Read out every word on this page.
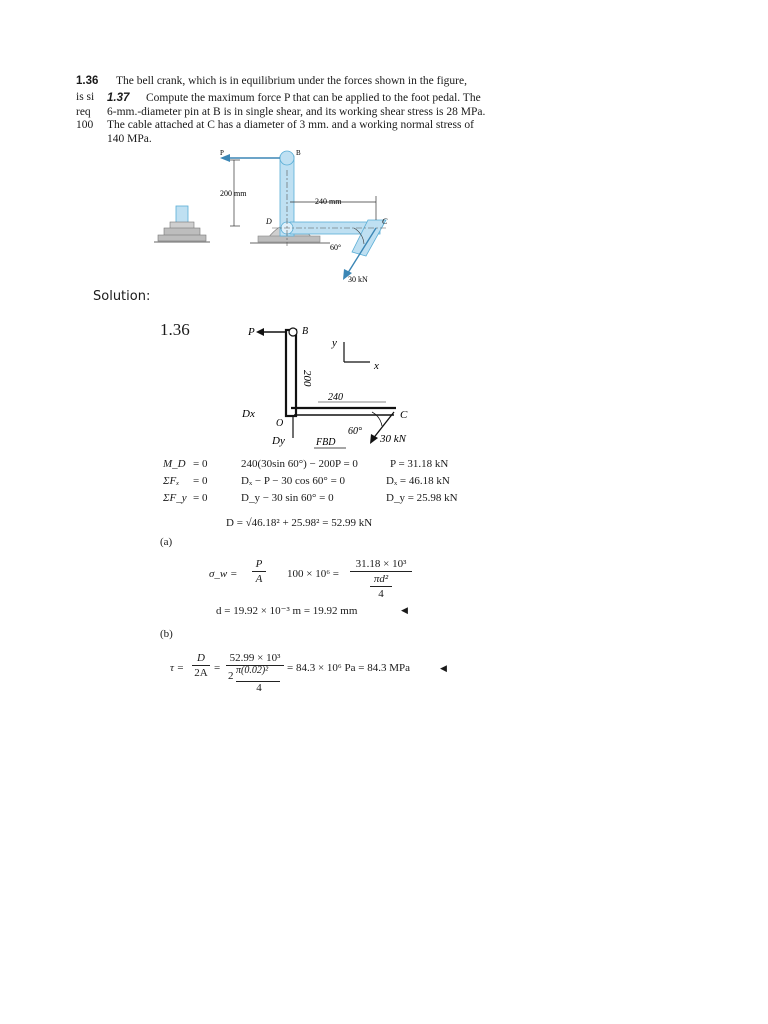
1.36 The bell crank, which is in equilibrium under the forces shown in the figure,
is si
req
100
1.37 Compute the maximum force P that can be applied to the foot pedal. The
6-mm.-diameter pin at B is in single shear, and its working shear stress is 28 MPa.
The cable attached at C has a diameter of 3 mm. and a working normal stress of
140 MPa.
P	B
200 mm
240 mm
D	C
60°
30 kN
Solution:
1.36	P	B
y
x
200
240
Dx
O
C
Dy	FBD
60°
30 kN
M_D = 0	240(30sin 60°) − 200P = 0	P = 31.18 kN
ΣFₓ = 0	Dₓ − P − 30 cos 60° = 0	Dₓ = 46.18 kN
ΣF_y = 0	D_y − 30 sin 60° = 0	D_y = 25.98 kN
D = √46.18² + 25.98² = 52.99 kN
(a)
σ_w =
P
A	100 × 10⁶ =
31.18 × 10³
πd²
4
d = 19.92 × 10⁻³ m = 19.92 mm	◀
(b)
τ =
D
2A =
52.99 × 10³
2 π(0.02)²
4
= 84.3 × 10⁶ Pa = 84.3 MPa	◀
